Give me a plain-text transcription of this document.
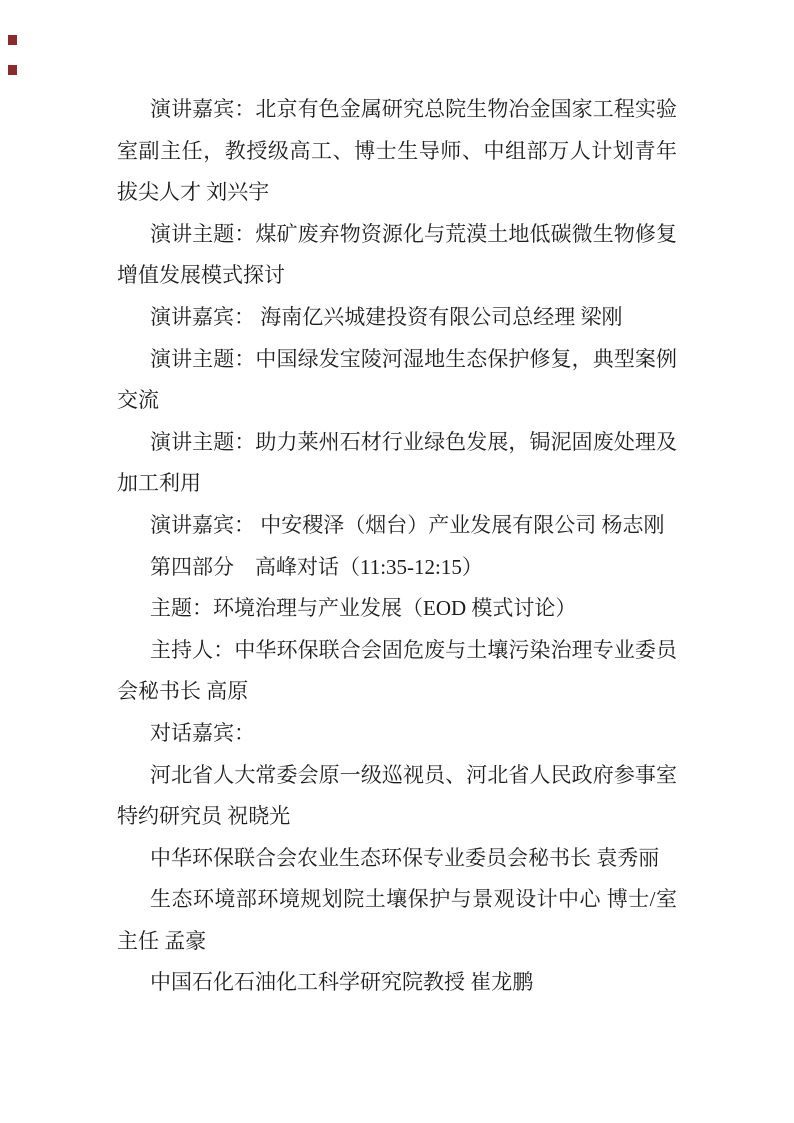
演讲嘉宾：北京有色金属研究总院生物冶金国家工程实验室副主任，教授级高工、博士生导师、中组部万人计划青年拔尖人才 刘兴宇

演讲主题：煤矿废弃物资源化与荒漠土地低碳微生物修复增值发展模式探讨

演讲嘉宾： 海南亿兴城建投资有限公司总经理 梁刚

演讲主题：中国绿发宝陵河湿地生态保护修复，典型案例交流

演讲主题：助力莱州石材行业绿色发展，锔泥固废处理及加工利用

演讲嘉宾： 中安稷泽（烟台）产业发展有限公司 杨志刚

第四部分　高峰对话（11:35-12:15）

主题：环境治理与产业发展（EOD 模式讨论）

主持人：中华环保联合会固危废与土壤污染治理专业委员会秘书长 高原

对话嘉宾：

河北省人大常委会原一级巡视员、河北省人民政府参事室特约研究员 祝晓光

中华环保联合会农业生态环保专业委员会秘书长 袁秀丽

生态环境部环境规划院土壤保护与景观设计中心 博士/室主任 孟豪

中国石化石油化工科学研究院教授 崔龙鹏
